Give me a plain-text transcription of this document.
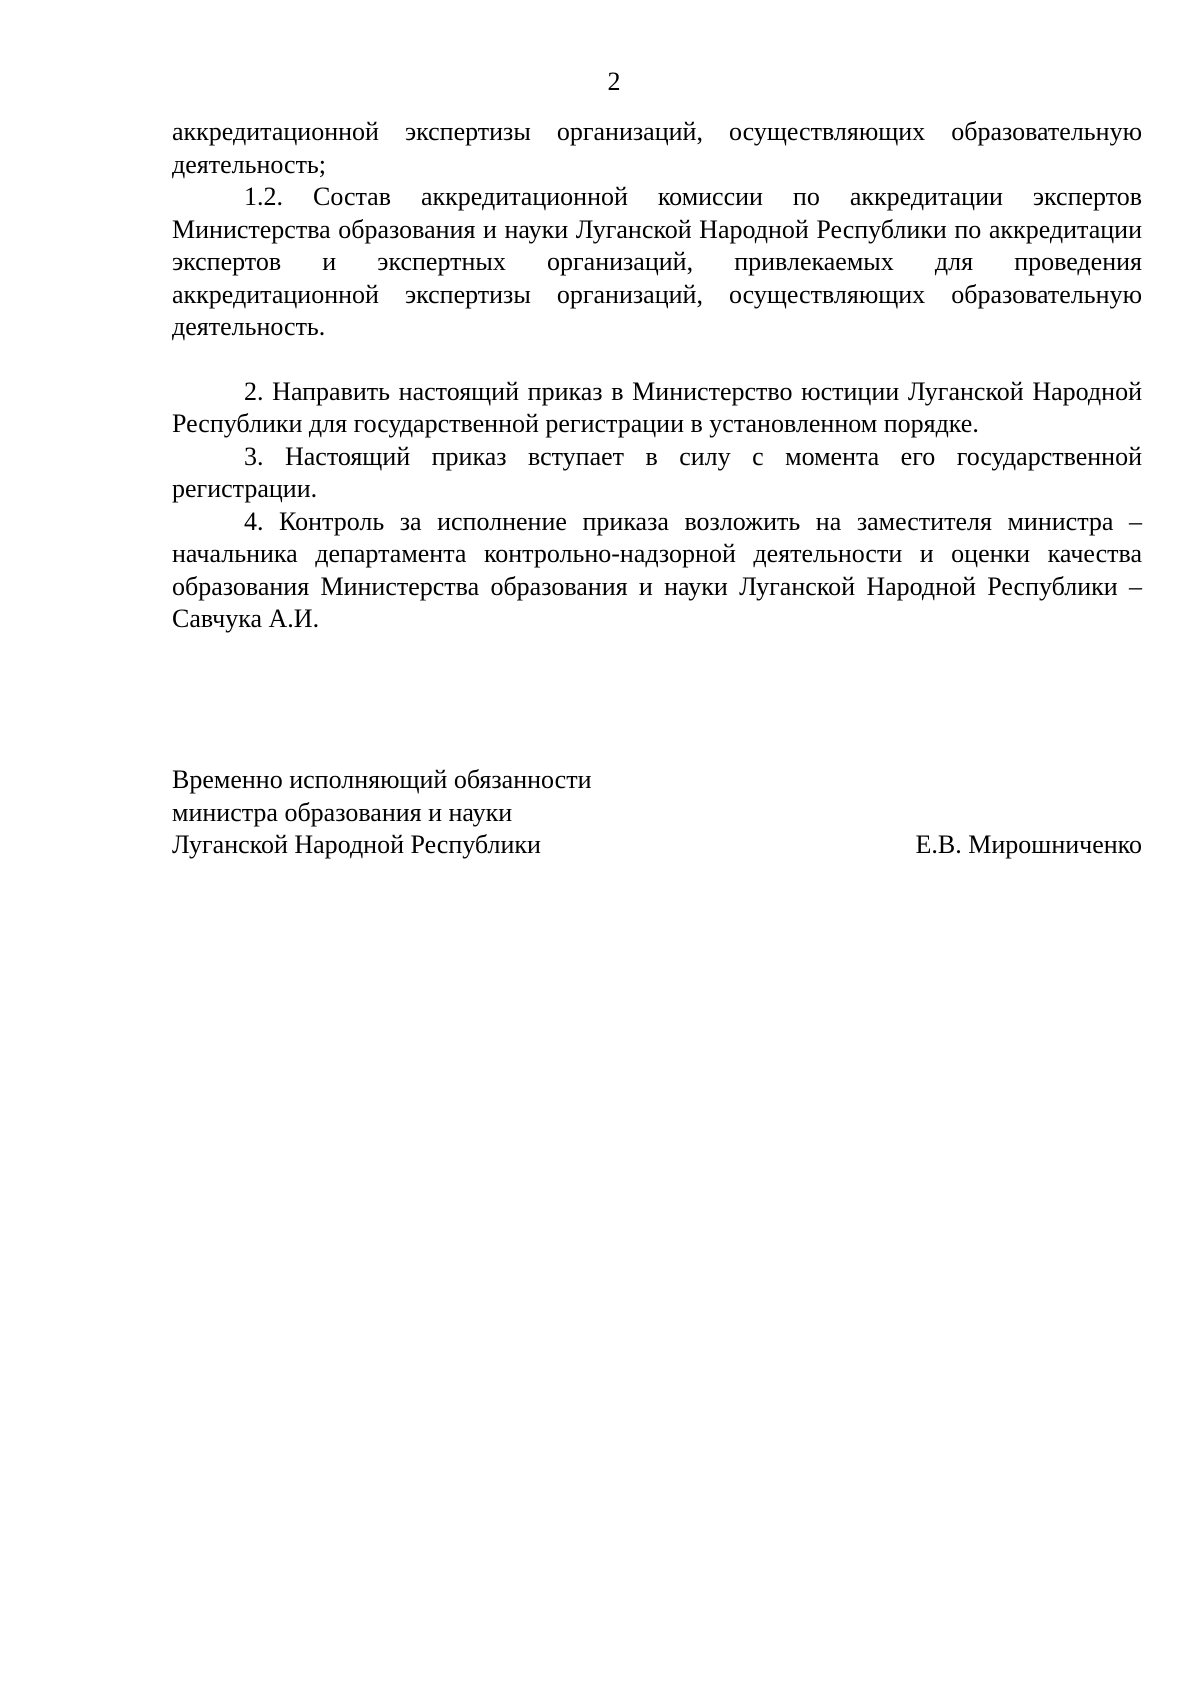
2

аккредитационной экспертизы организаций, осуществляющих образовательную деятельность;

1.2. Состав аккредитационной комиссии по аккредитации экспертов Министерства образования и науки Луганской Народной Республики по аккредитации экспертов и экспертных организаций, привлекаемых для проведения аккредитационной экспертизы организаций, осуществляющих образовательную деятельность.

2. Направить настоящий приказ в Министерство юстиции Луганской Народной Республики для государственной регистрации в установленном порядке.

3. Настоящий приказ вступает в силу с момента его государственной регистрации.

4. Контроль за исполнение приказа возложить на заместителя министра – начальника департамента контрольно-надзорной деятельности и оценки качества образования Министерства образования и науки Луганской Народной Республики – Савчука А.И.

Временно исполняющий обязанности
министра образования и науки
Луганской Народной Республики	Е.В. Мирошниченко
